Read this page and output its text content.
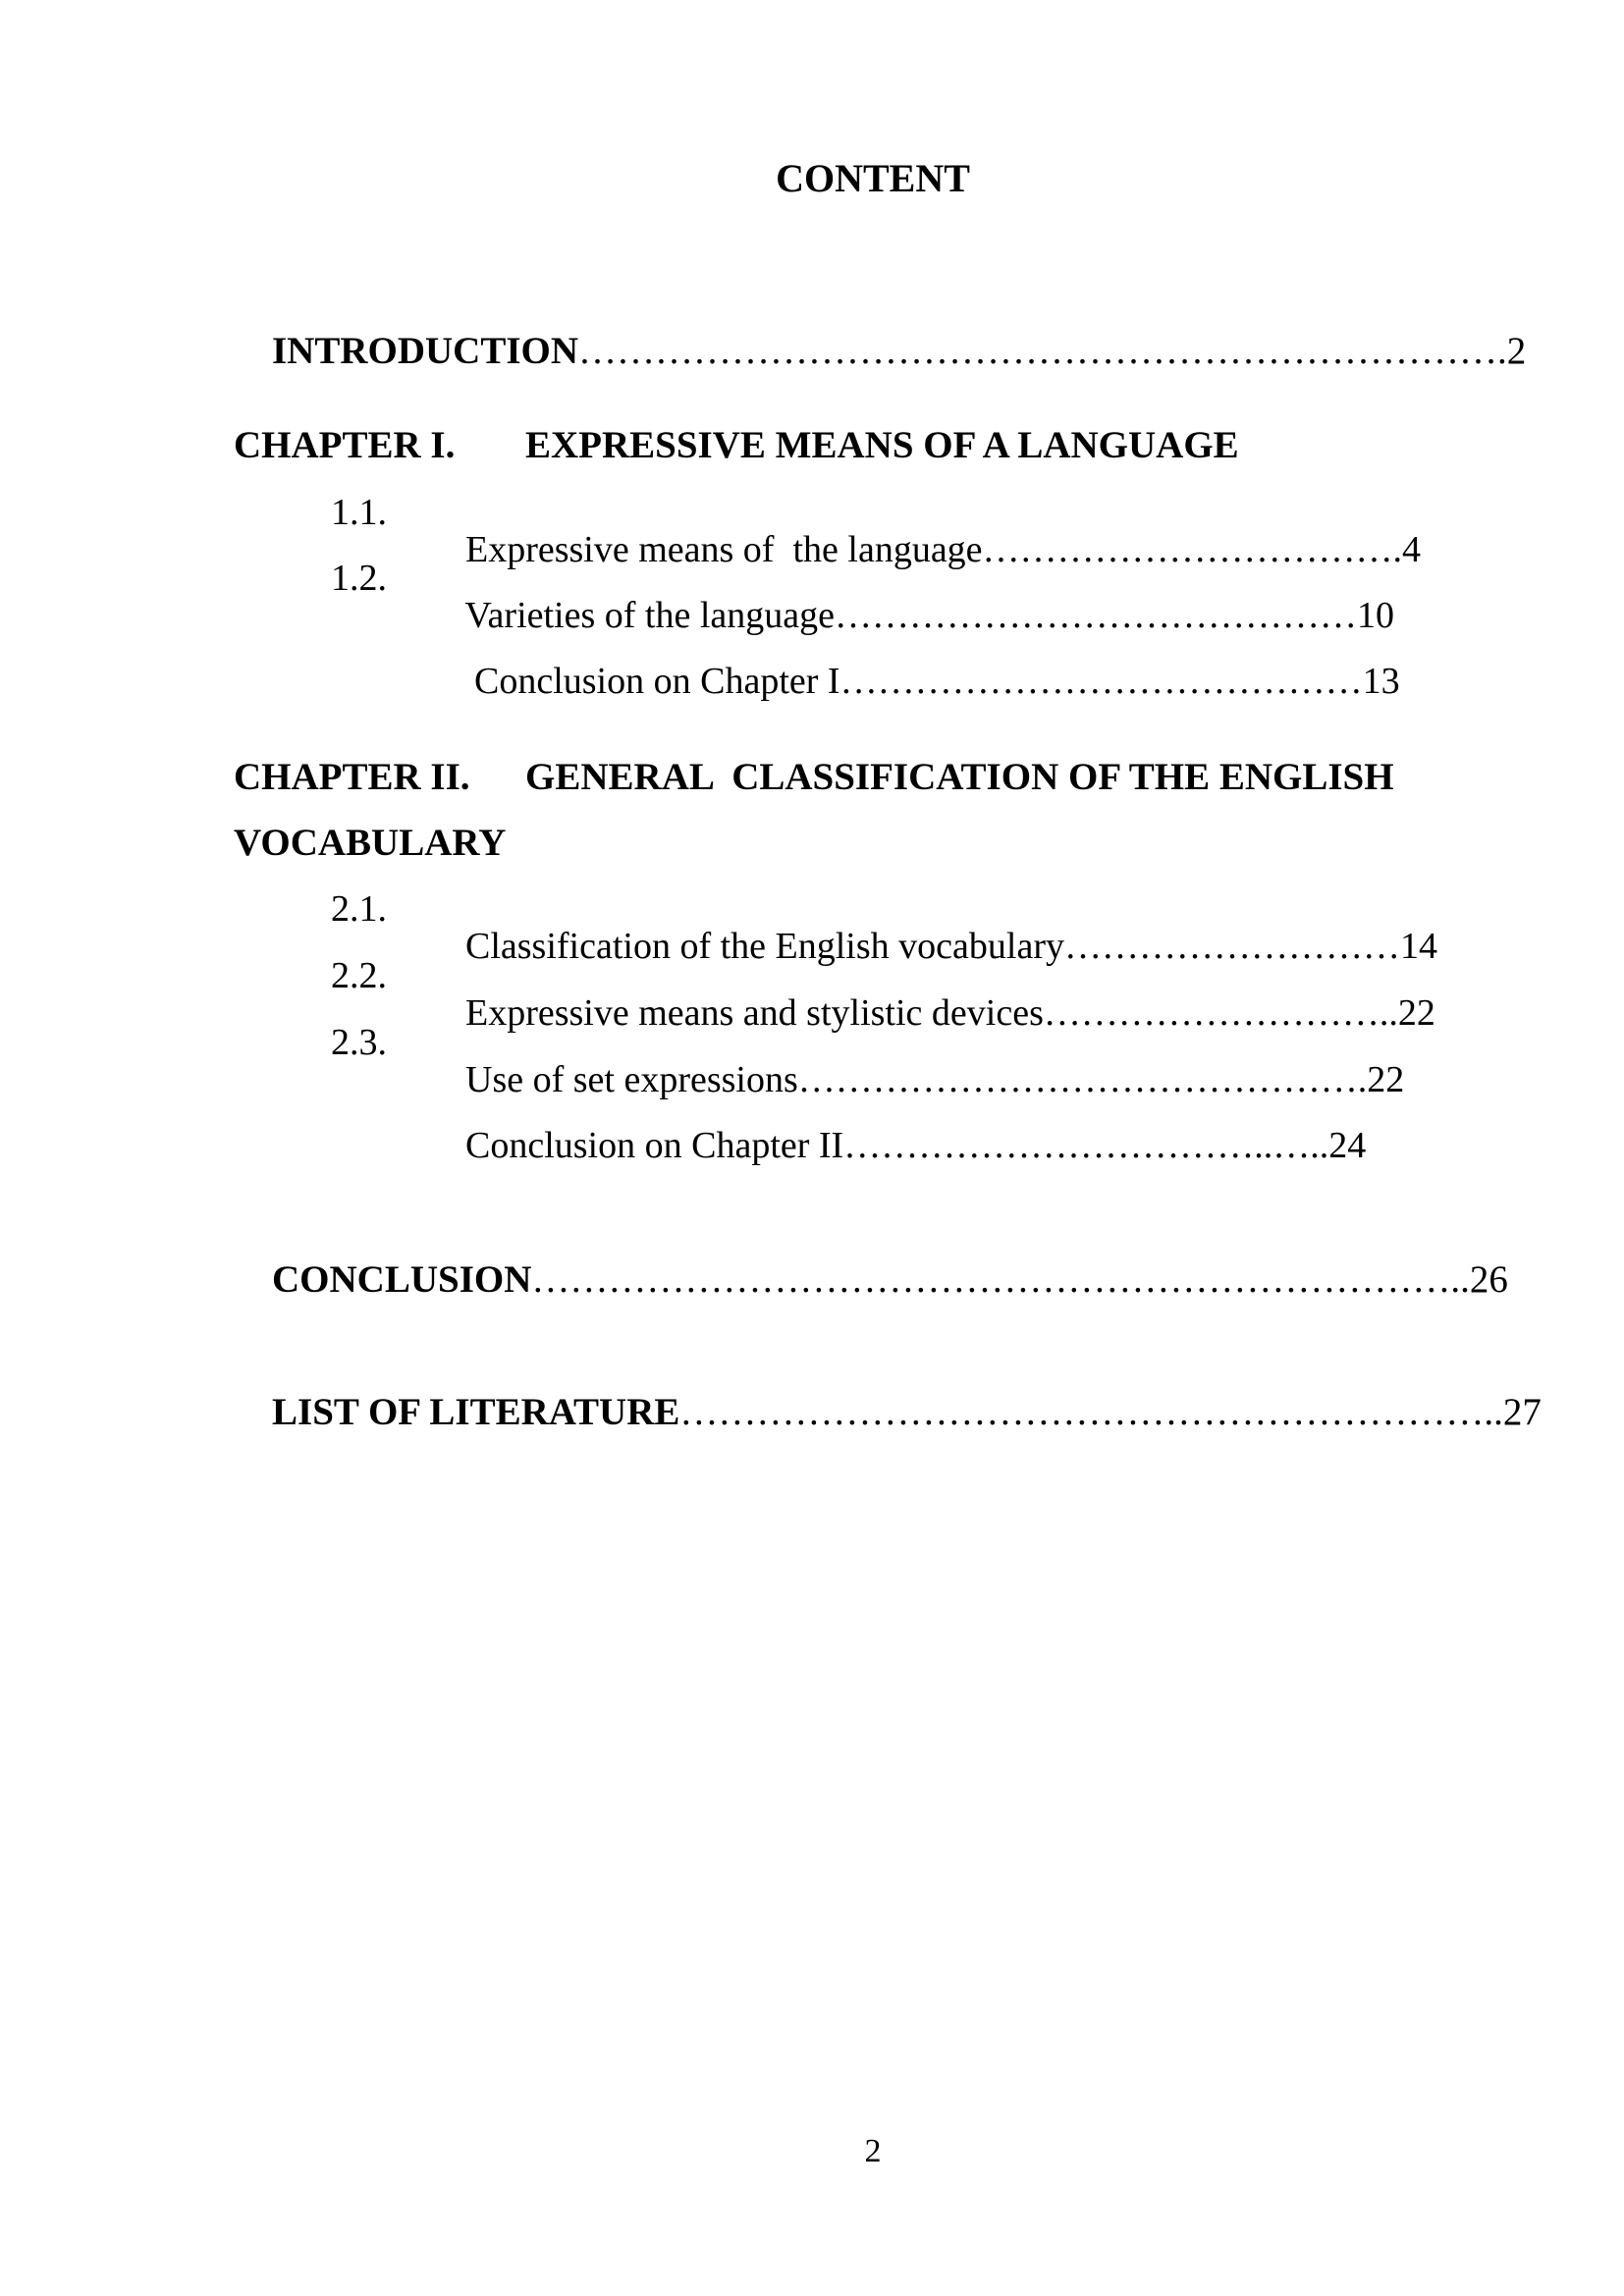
CONTENT

INTRODUCTION……………………………………………………………….2

CHAPTER I. EXPRESSIVE MEANS OF A LANGUAGE
1.1.

Expressive means of  the language…………………………….4

1.2.

Varieties of the language……………………………………10

Conclusion on Chapter I……………………………………13

CHAPTER II. GENERAL  CLASSIFICATION OF THE ENGLISH
VOCABULARY
2.1.

Classification of the English vocabulary………………………14

2.2.

Expressive means and stylistic devices………………………..22

2.3.

Use of set expressions……………………………………….22

Conclusion on Chapter II……………………………..…..24

CONCLUSION………………………………………………………………..26

LIST OF LITERATURE………………………………………………………..27

2
